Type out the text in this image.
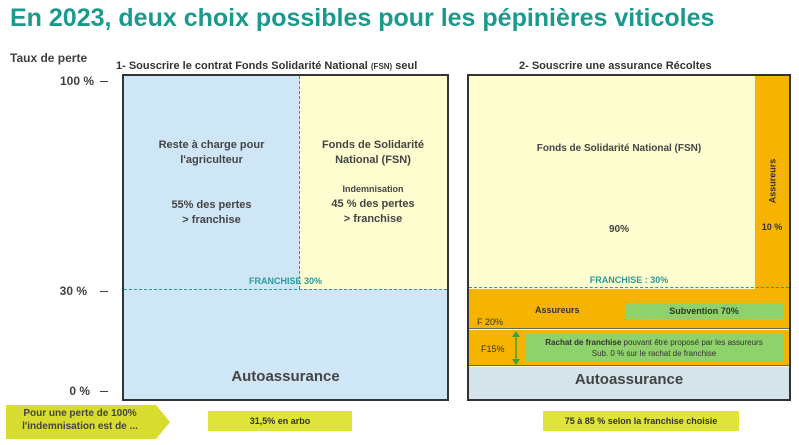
En 2023, deux choix possibles pour les pépinières viticoles
Taux de perte
100 %
30 %
0 %
1- Souscrire le contrat Fonds Solidarité National (FSN) seul
Reste à charge pour l'agriculteur
55% des pertes
> franchise
Fonds de Solidarité National (FSN)
Indemnisation
45 % des pertes
> franchise
FRANCHISE 30%
Autoassurance
2- Souscrire une assurance Récoltes
Assureurs
10 %
Fonds de Solidarité National (FSN)
90%
FRANCHISE : 30%
Assureurs	Subvention 70%
F 20%
F15%
Rachat de franchise pouvant être proposé par les assureurs
Sub. 0 % sur le rachat de franchise
Autoassurance
Pour une perte de 100% l'indemnisation est de ...	31,5% en arbo	75 à 85 % selon la franchise choisie
